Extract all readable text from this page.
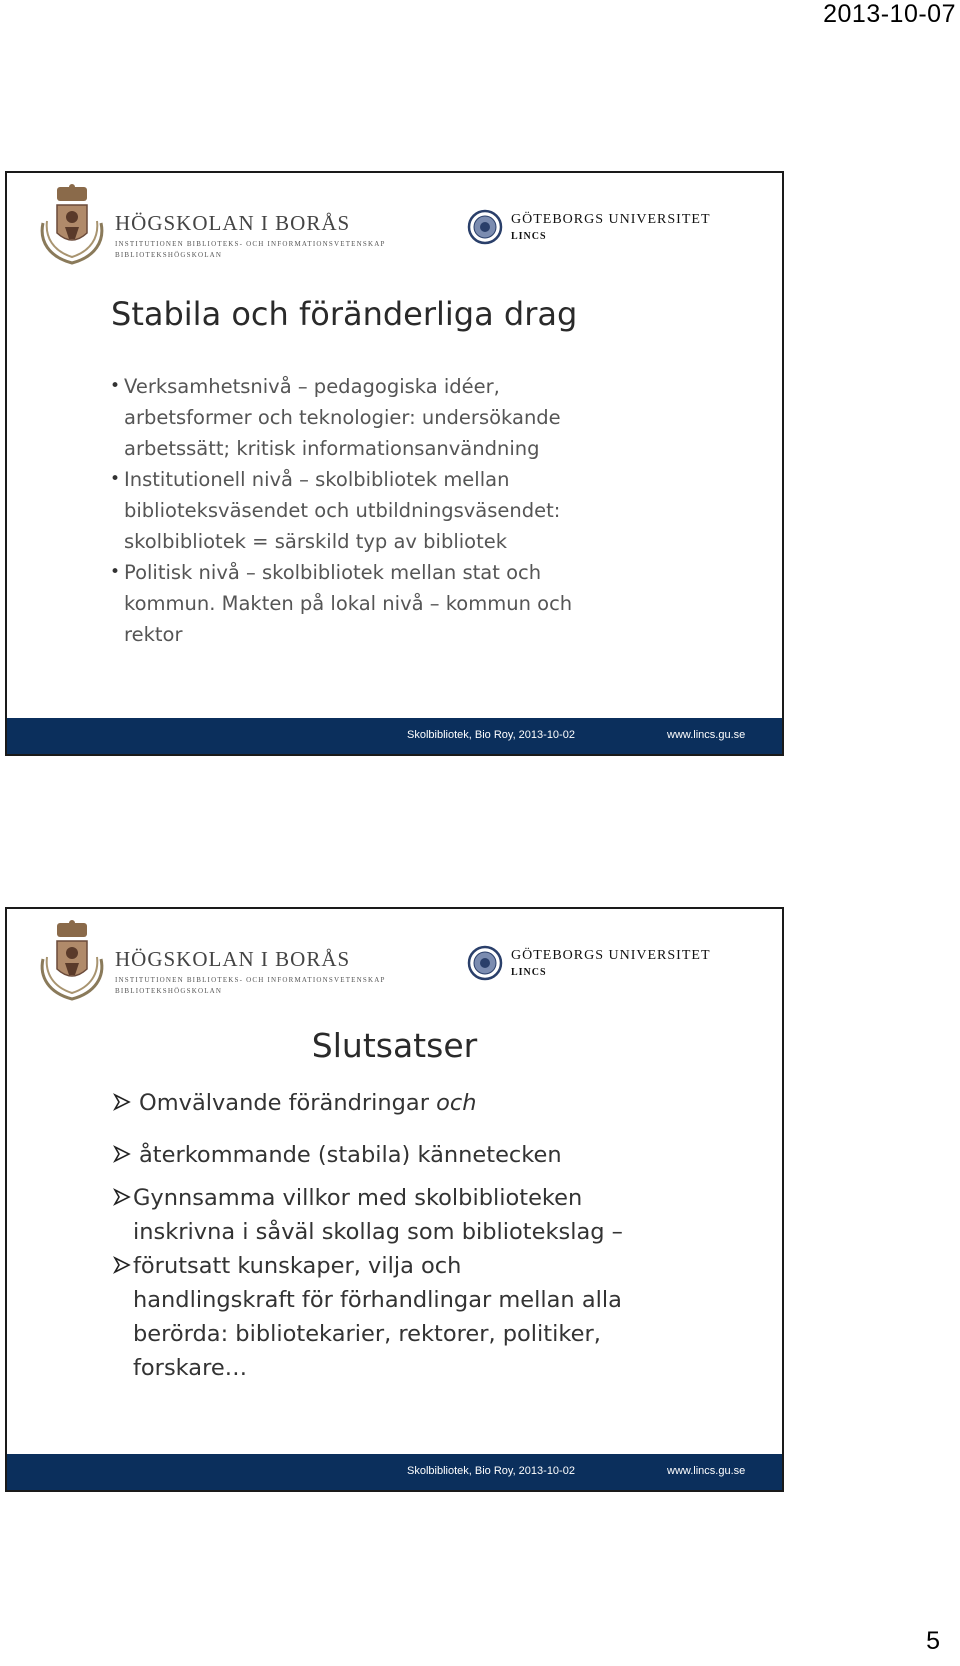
2013-10-07
HÖGSKOLAN I BORÅS
INSTITUTIONEN BIBLIOTEKS- OCH INFORMATIONSVETENSKAP
BIBLIOTEKSHÖGSKOLAN
GÖTEBORGS UNIVERSITET
LINCS
Stabila och föränderliga drag
• Verksamhetsnivå – pedagogiska idéer,
arbetsformer och teknologier: undersökande
arbetssätt; kritisk informationsanvändning
• Institutionell nivå – skolbibliotek mellan
biblioteksväsendet och utbildningsväsendet:
skolbibliotek = särskild typ av bibliotek
• Politisk nivå – skolbibliotek mellan stat och
kommun. Makten på lokal nivå – kommun och
rektor
Skolbibliotek, Bio Roy, 2013-10-02	www.lincs.gu.se
HÖGSKOLAN I BORÅS
INSTITUTIONEN BIBLIOTEKS- OCH INFORMATIONSVETENSKAP
BIBLIOTEKSHÖGSKOLAN
GÖTEBORGS UNIVERSITET
LINCS
Slutsatser
Omvälvande förändringar och
återkommande (stabila) kännetecken
Gynnsamma villkor med skolbiblioteken
inskrivna i såväl skollag som bibliotekslag –
förutsatt kunskaper, vilja och
handlingskraft för förhandlingar mellan alla
berörda: bibliotekarier, rektorer, politiker,
forskare…
Skolbibliotek, Bio Roy, 2013-10-02	www.lincs.gu.se
5
